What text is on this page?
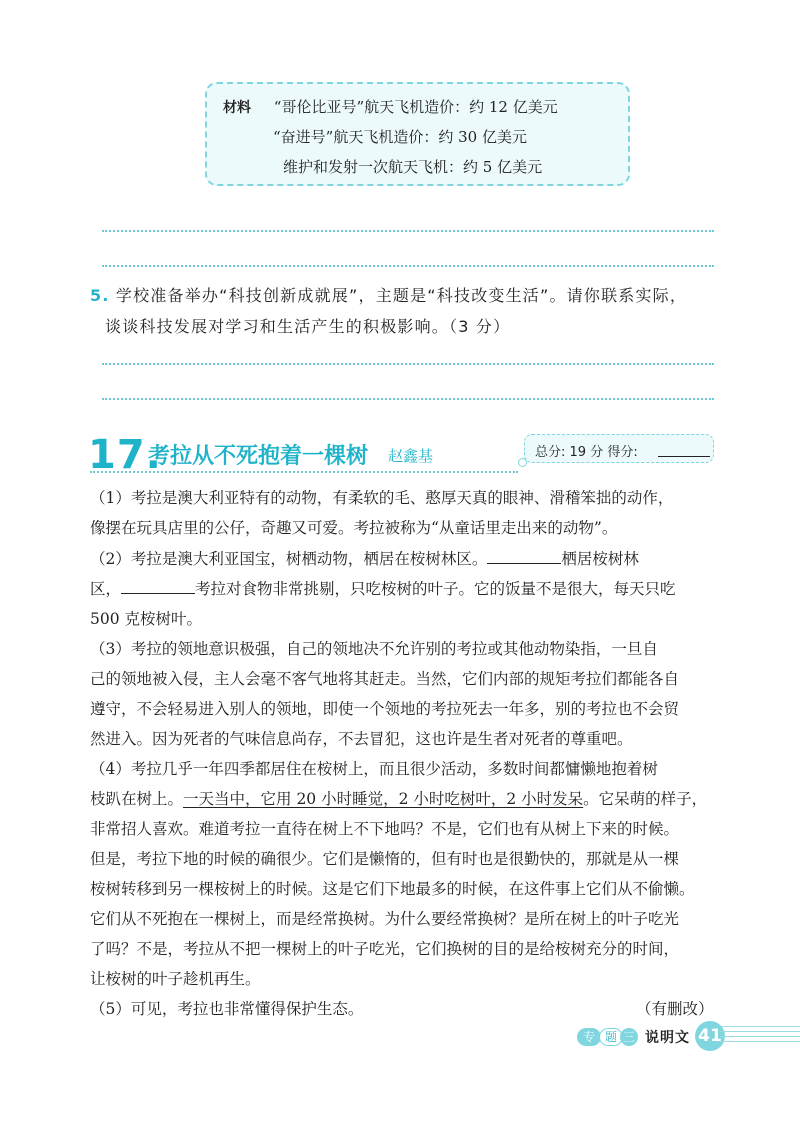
材料 “哥伦比亚号”航天飞机造价：约 12 亿美元
“奋进号”航天飞机造价：约 30 亿美元
维护和发射一次航天飞机：约 5 亿美元
5. 学校准备举办“科技创新成就展”，主题是“科技改变生活”。请你联系实际，
谈谈科技发展对学习和生活产生的积极影响。（3 分）
17.
考拉从不死抱着一棵树 赵鑫基	总分: 19 分 得分:
（1）考拉是澳大利亚特有的动物，有柔软的毛、憨厚天真的眼神、滑稽笨拙的动作，
像摆在玩具店里的公仔，奇趣又可爱。考拉被称为“从童话里走出来的动物”。
（2）考拉是澳大利亚国宝，树栖动物，栖居在桉树林区。	栖居桉树林
区，	考拉对食物非常挑剔，只吃桉树的叶子。它的饭量不是很大，每天只吃
500 克桉树叶。
（3）考拉的领地意识极强，自己的领地决不允许别的考拉或其他动物染指，一旦自
己的领地被入侵，主人会毫不客气地将其赶走。当然，它们内部的规矩考拉们都能各自
遵守，不会轻易进入别人的领地，即使一个领地的考拉死去一年多，别的考拉也不会贸
然进入。因为死者的气味信息尚存，不去冒犯，这也许是生者对死者的尊重吧。
（4）考拉几乎一年四季都居住在桉树上，而且很少活动，多数时间都慵懒地抱着树
枝趴在树上。一天当中，它用 20 小时睡觉，2 小时吃树叶，2 小时发呆。它呆萌的样子，
非常招人喜欢。难道考拉一直待在树上不下地吗？不是，它们也有从树上下来的时候。
但是，考拉下地的时候的确很少。它们是懒惰的，但有时也是很勤快的，那就是从一棵
桉树转移到另一棵桉树上的时候。这是它们下地最多的时候，在这件事上它们从不偷懒。
它们从不死抱在一棵树上，而是经常换树。为什么要经常换树？是所在树上的叶子吃光
了吗？不是，考拉从不把一棵树上的叶子吃光，它们换树的目的是给桉树充分的时间，
让桉树的叶子趁机再生。
（5）可见，考拉也非常懂得保护生态。	（有删改）
专 题 三 说明文 41
